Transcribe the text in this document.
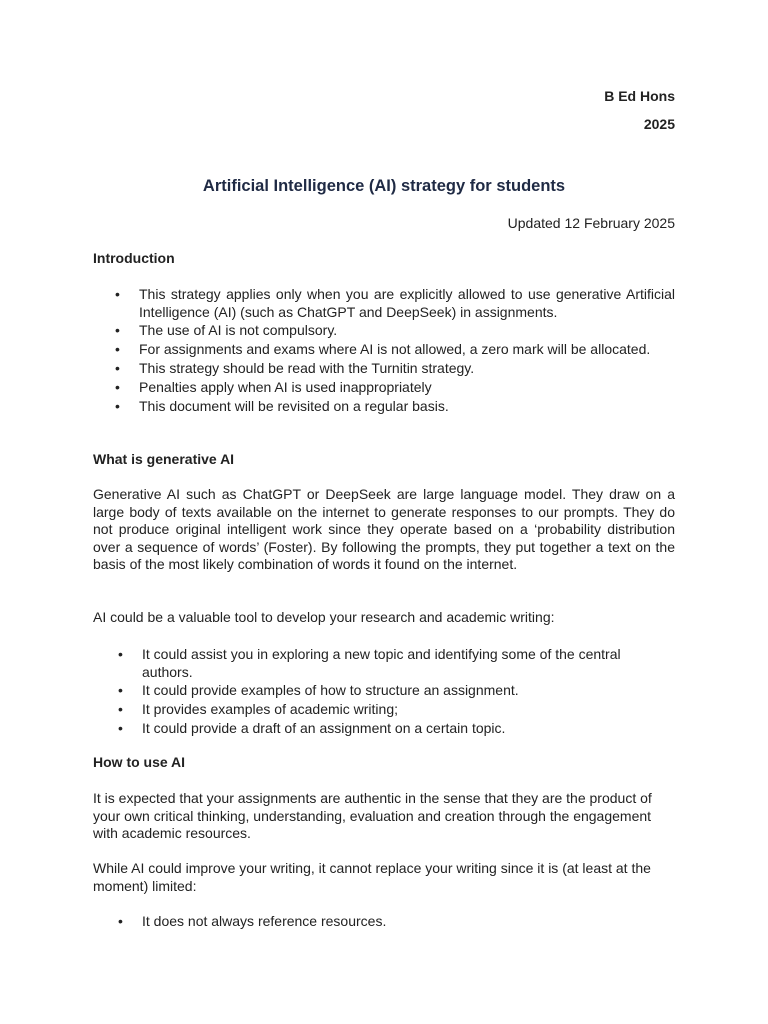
B Ed Hons
2025
Artificial Intelligence (AI) strategy for students
Updated 12 February 2025
Introduction
• This strategy applies only when you are explicitly allowed to use generative Artificial Intelligence (AI) (such as ChatGPT and DeepSeek) in assignments.
• The use of AI is not compulsory.
• For assignments and exams where AI is not allowed, a zero mark will be allocated.
• This strategy should be read with the Turnitin strategy.
• Penalties apply when AI is used inappropriately
• This document will be revisited on a regular basis.
What is generative AI
Generative AI such as ChatGPT or DeepSeek are large language model. They draw on a large body of texts available on the internet to generate responses to our prompts. They do not produce original intelligent work since they operate based on a ‘probability distribution over a sequence of words’ (Foster). By following the prompts, they put together a text on the basis of the most likely combination of words it found on the internet.
AI could be a valuable tool to develop your research and academic writing:
• It could assist you in exploring a new topic and identifying some of the central authors.
• It could provide examples of how to structure an assignment.
• It provides examples of academic writing;
• It could provide a draft of an assignment on a certain topic.
How to use AI
It is expected that your assignments are authentic in the sense that they are the product of your own critical thinking, understanding, evaluation and creation through the engagement with academic resources.
While AI could improve your writing, it cannot replace your writing since it is (at least at the moment) limited:
• It does not always reference resources.
